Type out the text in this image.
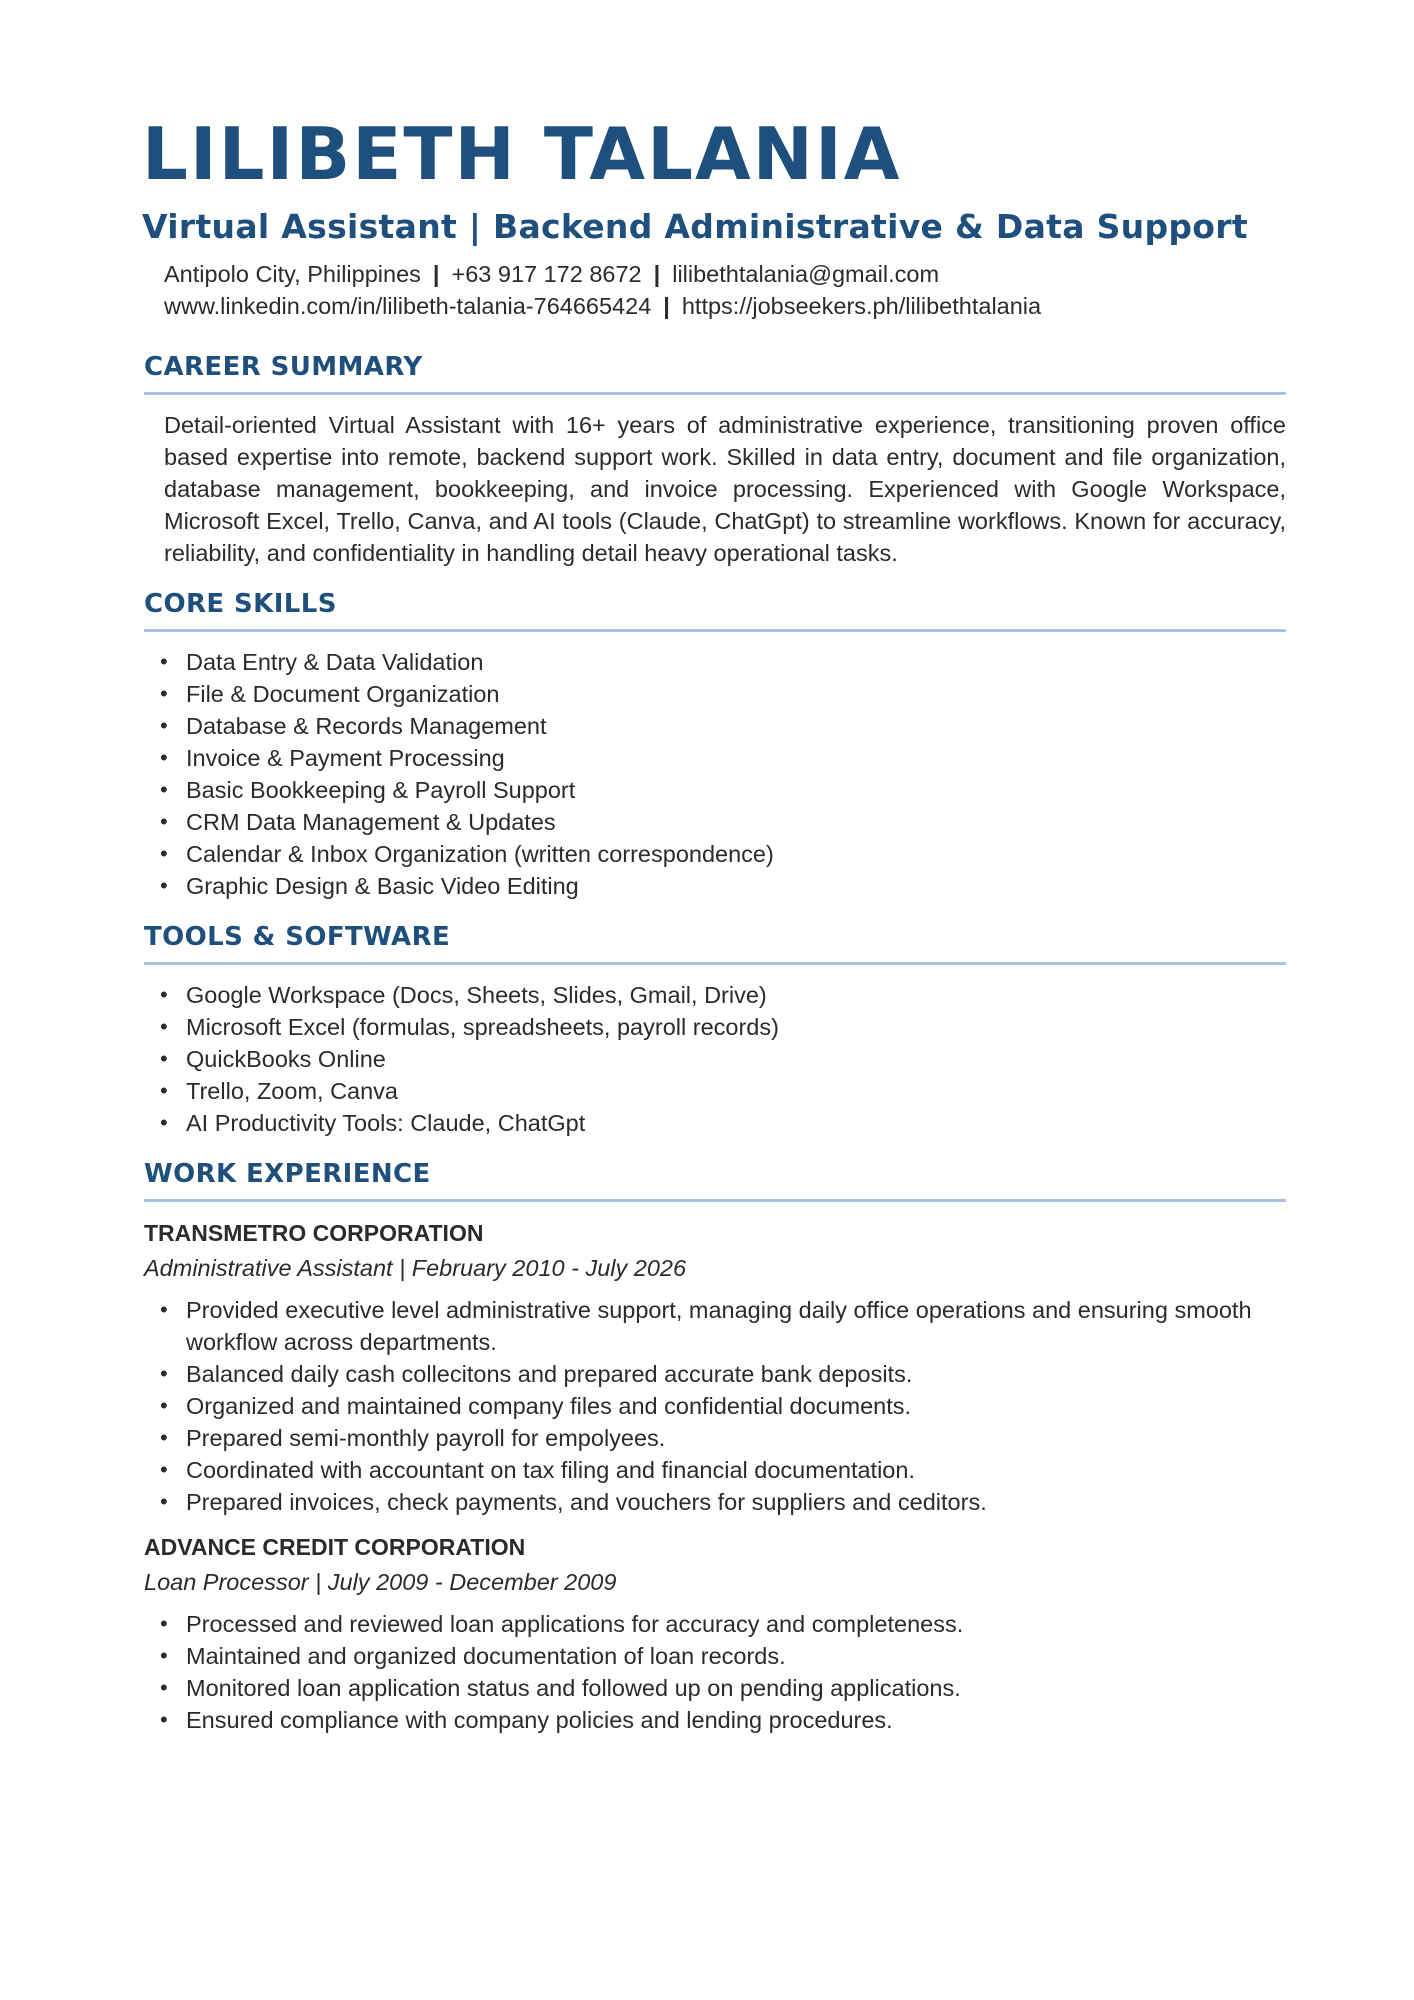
LILIBETH TALANIA
Virtual Assistant | Backend Administrative & Data Support
Antipolo City, Philippines | +63 917 172 8672 | lilibethtalania@gmail.com
www.linkedin.com/in/lilibeth-talania-764665424 | https://jobseekers.ph/lilibethtalania
CAREER SUMMARY

Detail-oriented Virtual Assistant with 16+ years of administrative experience, transitioning proven office based expertise into remote, backend support work. Skilled in data entry, document and file organization, database management, bookkeeping, and invoice processing. Experienced with Google Workspace, Microsoft Excel, Trello, Canva, and AI tools (Claude, ChatGpt) to streamline workflows. Known for accuracy, reliability, and confidentiality in handling detail heavy operational tasks.

CORE SKILLS
• Data Entry & Data Validation
• File & Document Organization
• Database & Records Management
• Invoice & Payment Processing
• Basic Bookkeeping & Payroll Support
• CRM Data Management & Updates
• Calendar & Inbox Organization (written correspondence)
• Graphic Design & Basic Video Editing
TOOLS & SOFTWARE
• Google Workspace (Docs, Sheets, Slides, Gmail, Drive)
• Microsoft Excel (formulas, spreadsheets, payroll records)
• QuickBooks Online
• Trello, Zoom, Canva
• AI Productivity Tools: Claude, ChatGpt
WORK EXPERIENCE

TRANSMETRO CORPORATION

Administrative Assistant | February 2010 - July 2026

• Provided executive level administrative support, managing daily office operations and ensuring smooth workflow across departments.
• Balanced daily cash collecitons and prepared accurate bank deposits.
• Organized and maintained company files and confidential documents.
• Prepared semi-monthly payroll for empolyees.
• Coordinated with accountant on tax filing and financial documentation.
• Prepared invoices, check payments, and vouchers for suppliers and ceditors.

ADVANCE CREDIT CORPORATION

Loan Processor | July 2009 - December 2009

• Processed and reviewed loan applications for accuracy and completeness.
• Maintained and organized documentation of loan records.
• Monitored loan application status and followed up on pending applications.
• Ensured compliance with company policies and lending procedures.
